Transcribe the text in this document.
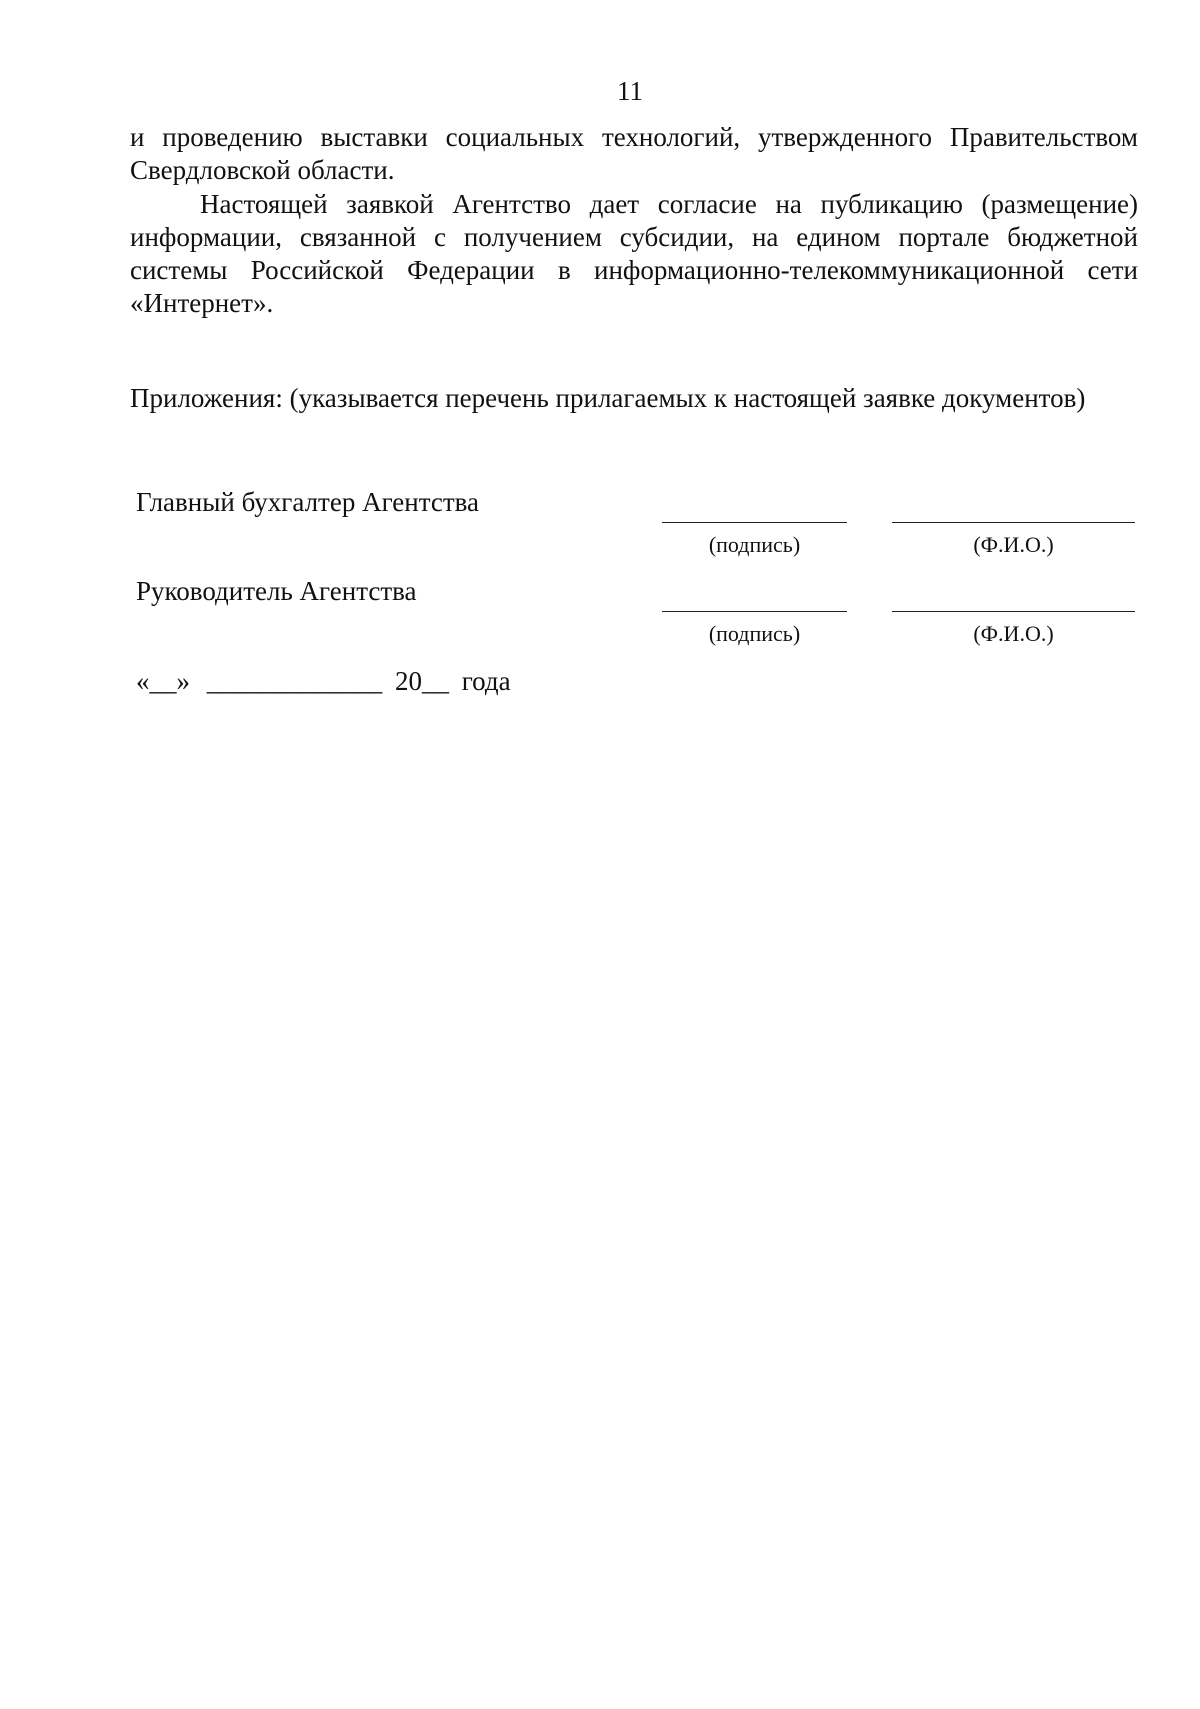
11

и проведению выставки социальных технологий, утвержденного Правительством Свердловской области.

Настоящей заявкой Агентство дает согласие на публикацию (размещение) информации, связанной с получением субсидии, на едином портале бюджетной системы Российской Федерации в информационно-телекоммуникационной сети «Интернет».

Приложения: (указывается перечень прилагаемых к настоящей заявке документов)
Главный бухгалтер Агентства
(подпись)	(Ф.И.О.)
Руководитель Агентства
(подпись)	(Ф.И.О.)
«__» _____________ 20__ года
